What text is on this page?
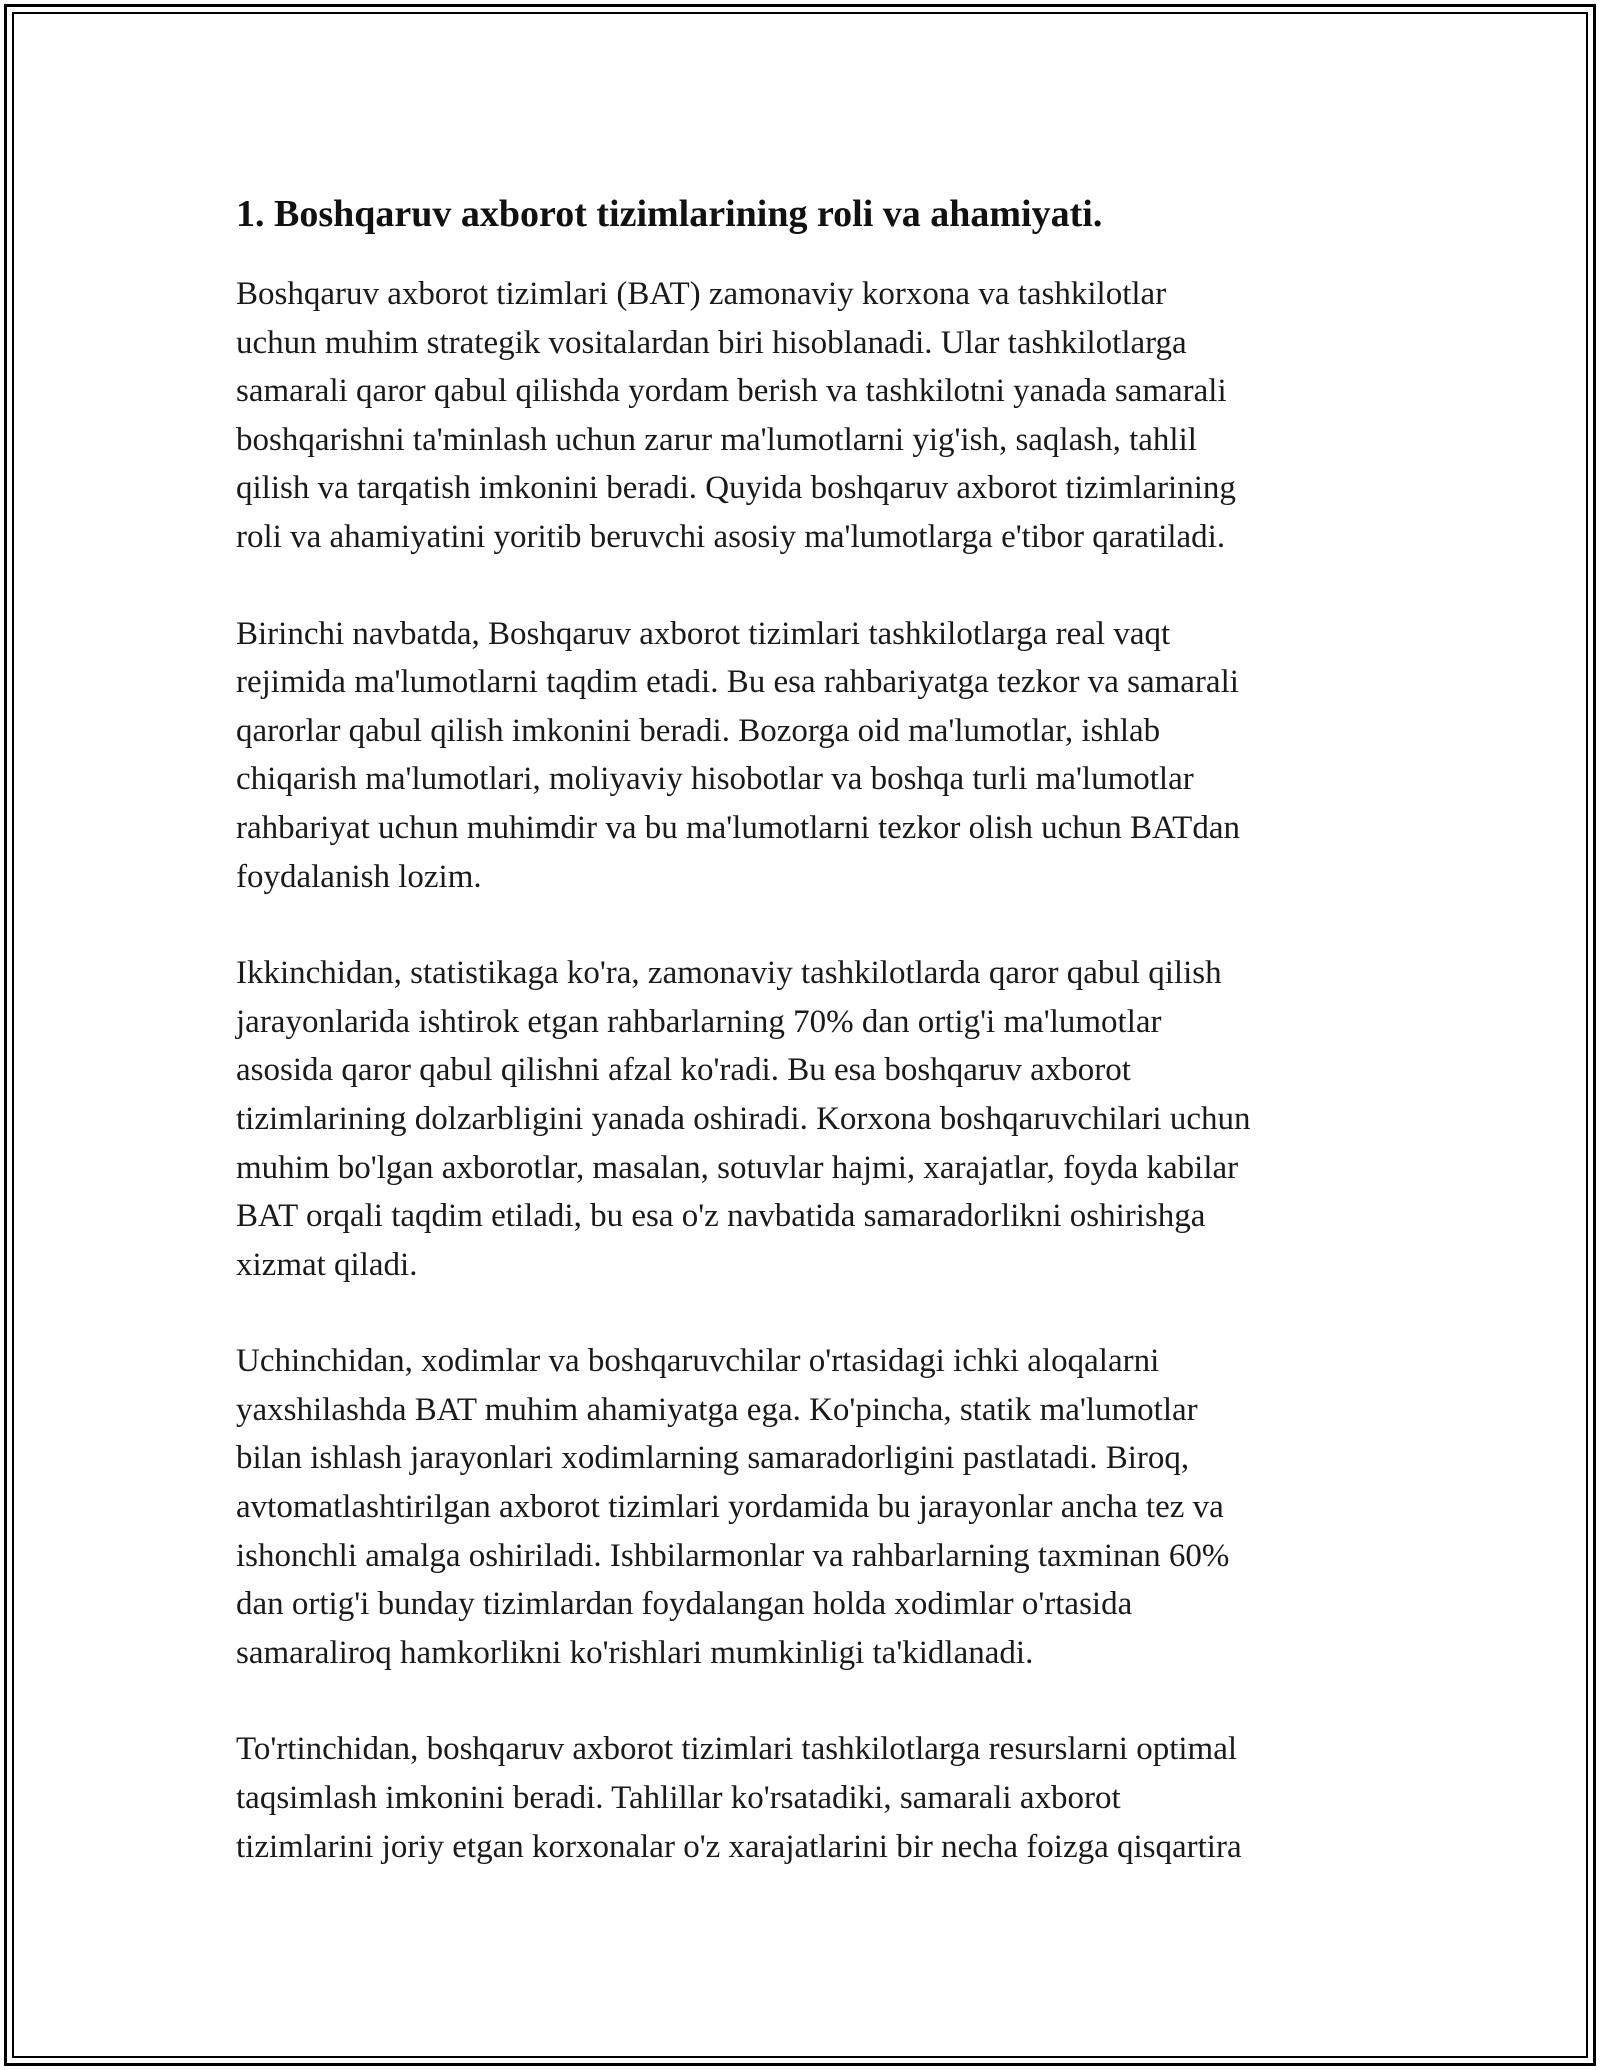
1. Boshqaruv axborot tizimlarining roli va ahamiyati.

Boshqaruv axborot tizimlari (BAT) zamonaviy korxona va tashkilotlar
uchun muhim strategik vositalardan biri hisoblanadi. Ular tashkilotlarga
samarali qaror qabul qilishda yordam berish va tashkilotni yanada samarali
boshqarishni ta'minlash uchun zarur ma'lumotlarni yig'ish, saqlash, tahlil
qilish va tarqatish imkonini beradi. Quyida boshqaruv axborot tizimlarining
roli va ahamiyatini yoritib beruvchi asosiy ma'lumotlarga e'tibor qaratiladi.

Birinchi navbatda, Boshqaruv axborot tizimlari tashkilotlarga real vaqt
rejimida ma'lumotlarni taqdim etadi. Bu esa rahbariyatga tezkor va samarali
qarorlar qabul qilish imkonini beradi. Bozorga oid ma'lumotlar, ishlab
chiqarish ma'lumotlari, moliyaviy hisobotlar va boshqa turli ma'lumotlar
rahbariyat uchun muhimdir va bu ma'lumotlarni tezkor olish uchun BATdan
foydalanish lozim.

Ikkinchidan, statistikaga ko'ra, zamonaviy tashkilotlarda qaror qabul qilish
jarayonlarida ishtirok etgan rahbarlarning 70% dan ortig'i ma'lumotlar
asosida qaror qabul qilishni afzal ko'radi. Bu esa boshqaruv axborot
tizimlarining dolzarbligini yanada oshiradi. Korxona boshqaruvchilari uchun
muhim bo'lgan axborotlar, masalan, sotuvlar hajmi, xarajatlar, foyda kabilar
BAT orqali taqdim etiladi, bu esa o'z navbatida samaradorlikni oshirishga
xizmat qiladi.

Uchinchidan, xodimlar va boshqaruvchilar o'rtasidagi ichki aloqalarni
yaxshilashda BAT muhim ahamiyatga ega. Ko'pincha, statik ma'lumotlar
bilan ishlash jarayonlari xodimlarning samaradorligini pastlatadi. Biroq,
avtomatlashtirilgan axborot tizimlari yordamida bu jarayonlar ancha tez va
ishonchli amalga oshiriladi. Ishbilarmonlar va rahbarlarning taxminan 60%
dan ortig'i bunday tizimlardan foydalangan holda xodimlar o'rtasida
samaraliroq hamkorlikni ko'rishlari mumkinligi ta'kidlanadi.

To'rtinchidan, boshqaruv axborot tizimlari tashkilotlarga resurslarni optimal
taqsimlash imkonini beradi. Tahlillar ko'rsatadiki, samarali axborot
tizimlarini joriy etgan korxonalar o'z xarajatlarini bir necha foizga qisqartira
